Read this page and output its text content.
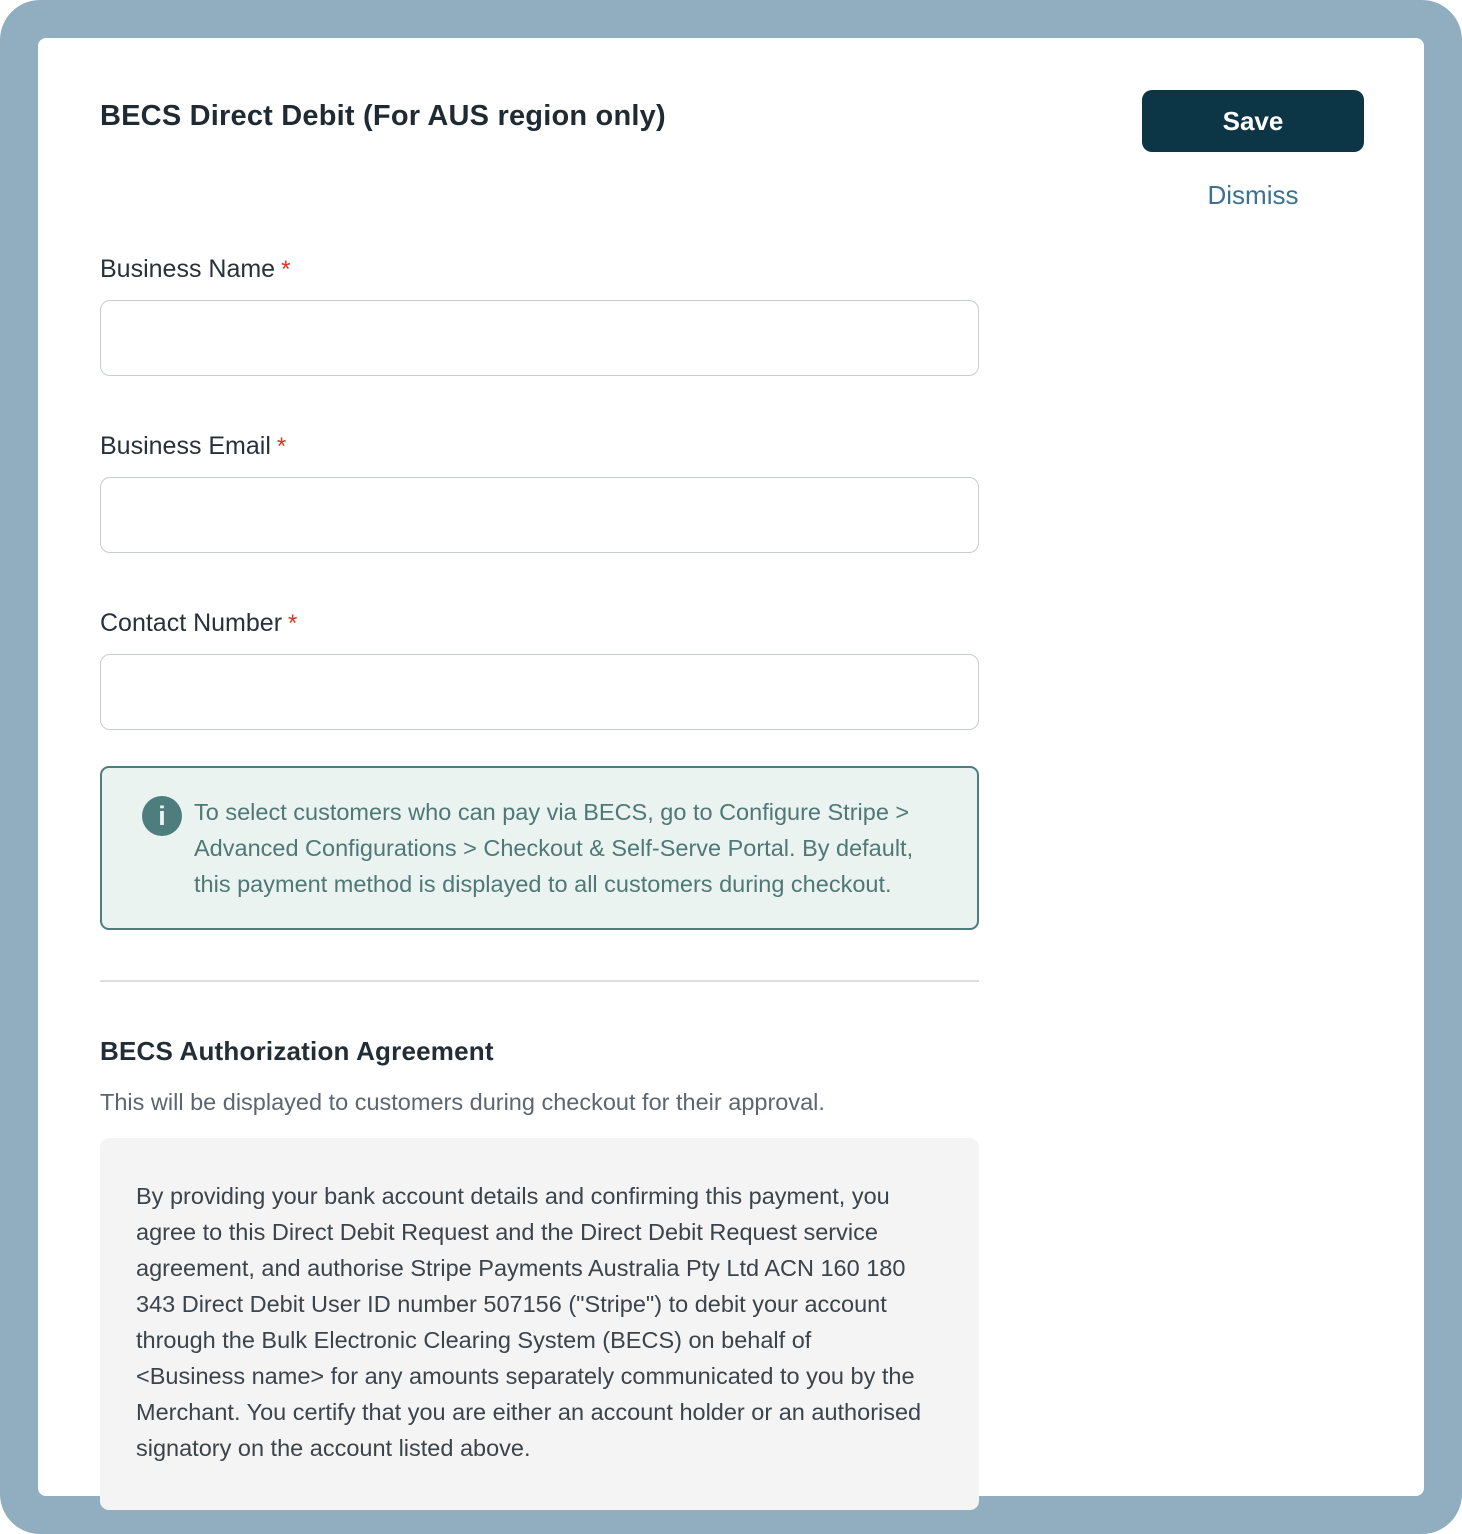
BECS Direct Debit (For AUS region only)	Save
Dismiss
Business Name *
Business Email *
Contact Number *
i	To select customers who can pay via BECS, go to Configure Stripe > Advanced Configurations > Checkout & Self-Serve Portal. By default, this payment method is displayed to all customers during checkout.

BECS Authorization Agreement

This will be displayed to customers during checkout for their approval.

By providing your bank account details and confirming this payment, you agree to this Direct Debit Request and the Direct Debit Request service agreement, and authorise Stripe Payments Australia Pty Ltd ACN 160 180 343 Direct Debit User ID number 507156 ("Stripe") to debit your account through the Bulk Electronic Clearing System (BECS) on behalf of <Business name> for any amounts separately communicated to you by the Merchant. You certify that you are either an account holder or an authorised signatory on the account listed above.
